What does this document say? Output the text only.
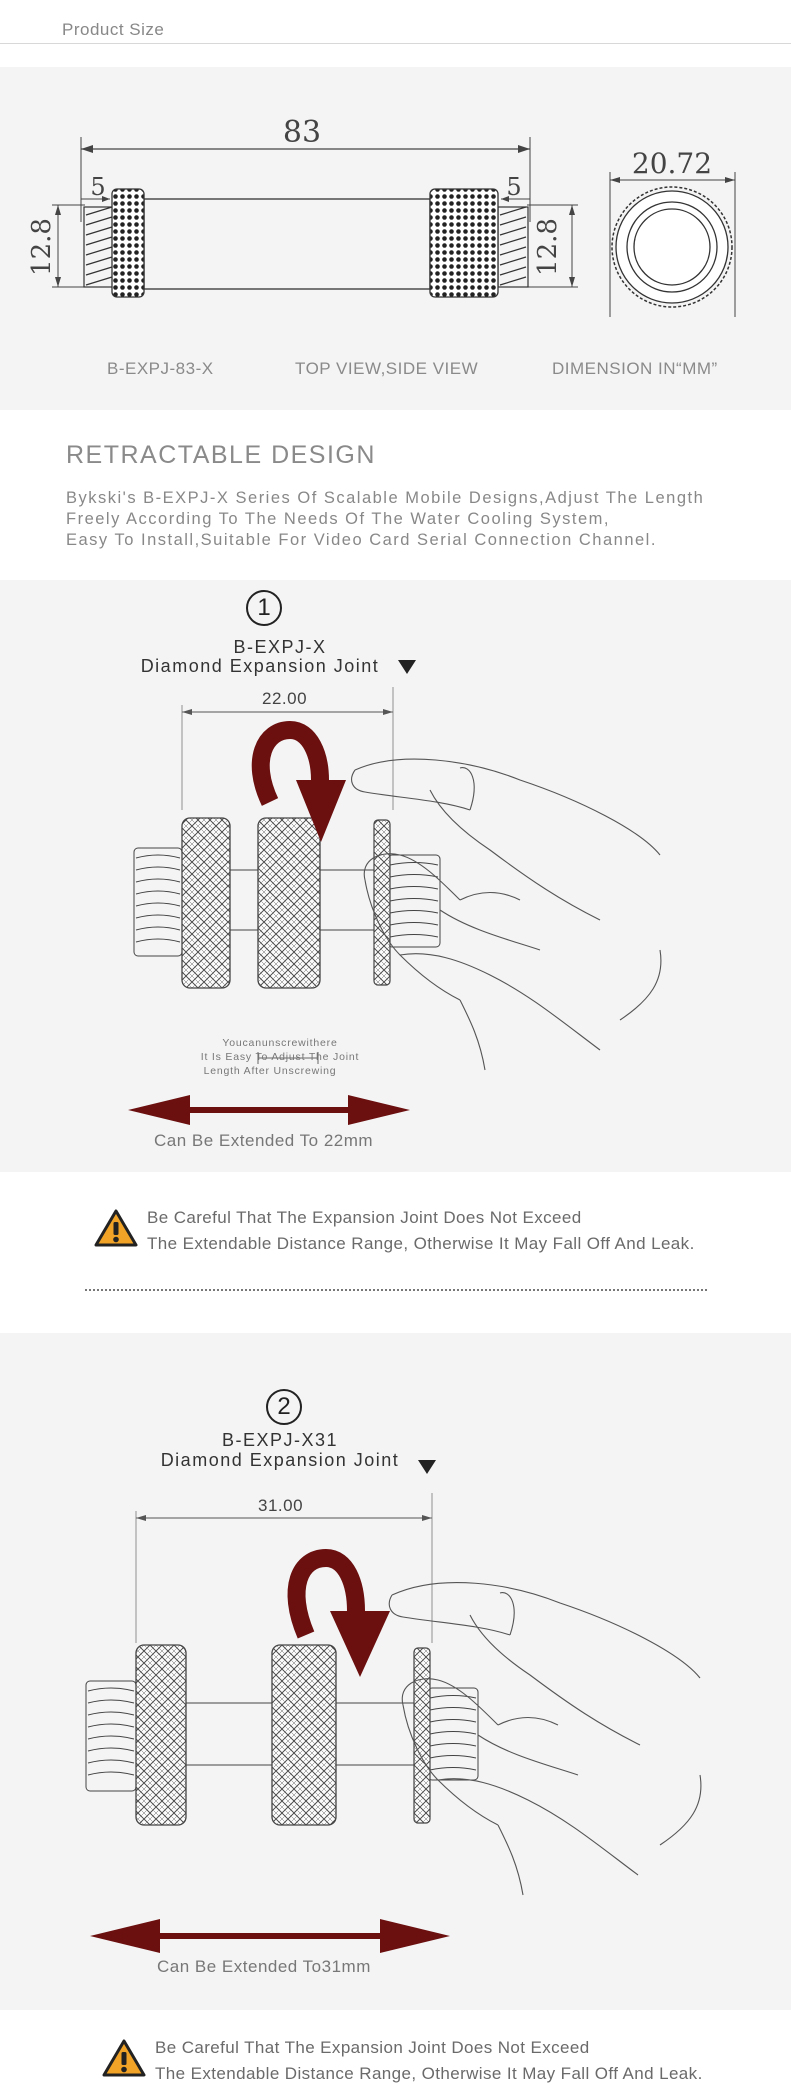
Product Size
83
5	5
12.8	12.8
20.72
B-EXPJ-83-X	TOP VIEW,SIDE VIEW	DIMENSION IN“MM”
RETRACTABLE DESIGN
Bykski's B-EXPJ-X Series Of Scalable Mobile Designs,Adjust The Length
Freely According To The Needs Of The Water Cooling System,
Easy To Install,Suitable For Video Card Serial Connection Channel.
1
B-EXPJ-X
Diamond Expansion Joint
22.00
Youcanunscrewithere
It Is Easy To Adjust The Joint
Length After Unscrewing
Can Be Extended To 22mm
Be Careful That The Expansion Joint Does Not Exceed
The Extendable Distance Range, Otherwise It May Fall Off And Leak.
2
B-EXPJ-X31
Diamond Expansion Joint
31.00
Can Be Extended To31mm
Be Careful That The Expansion Joint Does Not Exceed
The Extendable Distance Range, Otherwise It May Fall Off And Leak.
